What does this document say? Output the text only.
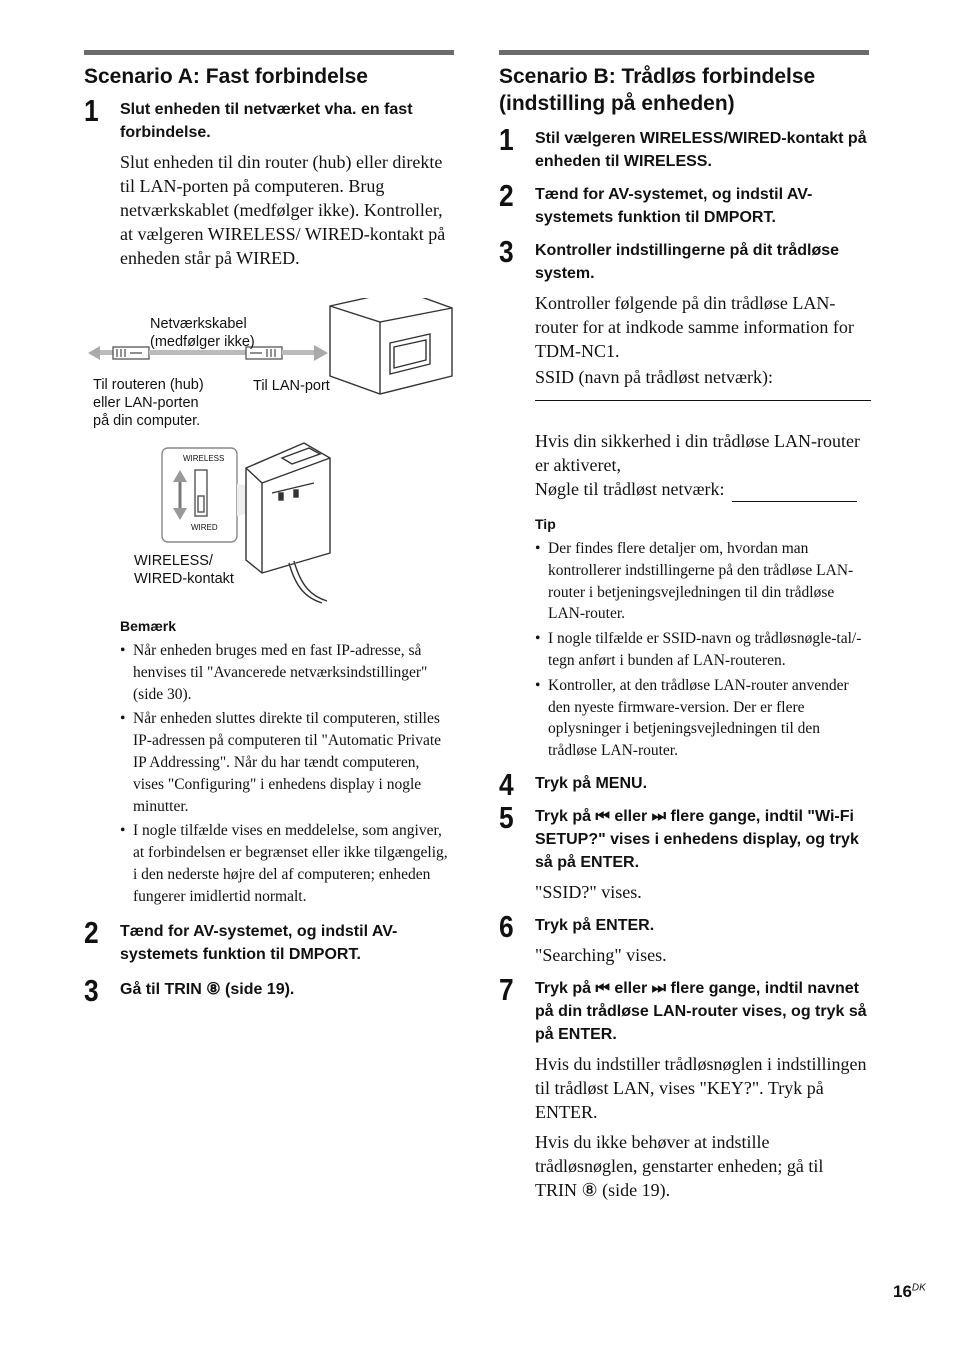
Scenario A: Fast forbindelse
1 Slut enheden til netværket vha. en fast forbindelse.
Slut enheden til din router (hub) eller direkte til LAN-porten på computeren. Brug netværkskablet (medfølger ikke). Kontroller, at vælgeren WIRELESS/ WIRED-kontakt på enheden står på WIRED.
Netværkskabel
(medfølger ikke)
Til routeren (hub)
eller LAN-porten
på din computer.
Til LAN-port
WIRELESS
WIRED
WIRELESS/
WIRED-kontakt
Bemærk
• Når enheden bruges med en fast IP-adresse, så henvises til "Avancerede netværksindstillinger" (side 30).
• Når enheden sluttes direkte til computeren, stilles IP-adressen på computeren til "Automatic Private IP Addressing". Når du har tændt computeren, vises "Configuring" i enhedens display i nogle minutter.
• I nogle tilfælde vises en meddelelse, som angiver, at forbindelsen er begrænset eller ikke tilgængelig, i den nederste højre del af computeren; enheden fungerer imidlertid normalt.
2 Tænd for AV-systemet, og indstil AV-systemets funktion til DMPORT.
3 Gå til TRIN ⑧ (side 19).
Scenario B: Trådløs forbindelse (indstilling på enheden)
1 Stil vælgeren WIRELESS/WIRED-kontakt på enheden til WIRELESS.
2 Tænd for AV-systemet, og indstil AV-systemets funktion til DMPORT.
3 Kontroller indstillingerne på dit trådløse system.
Kontroller følgende på din trådløse LAN-router for at indkode samme information for TDM-NC1.
SSID (navn på trådløst netværk):
Hvis din sikkerhed i din trådløse LAN-router er aktiveret,
Nøgle til trådløst netværk:
Tip
• Der findes flere detaljer om, hvordan man kontrollerer indstillingerne på den trådløse LAN-router i betjeningsvejledningen til din trådløse LAN-router.
• I nogle tilfælde er SSID-navn og trådløsnøgle-tal/-tegn anført i bunden af LAN-routeren.
• Kontroller, at den trådløse LAN-router anvender den nyeste firmware-version. Der er flere oplysninger i betjeningsvejledningen til den trådløse LAN-router.
4 Tryk på MENU.
5 Tryk på ⏮ eller ⏭ flere gange, indtil "Wi-Fi SETUP?" vises i enhedens display, og tryk så på ENTER.
"SSID?" vises.
6 Tryk på ENTER.
"Searching" vises.
7 Tryk på ⏮ eller ⏭ flere gange, indtil navnet på din trådløse LAN-router vises, og tryk så på ENTER.
Hvis du indstiller trådløsnøglen i indstillingen til trådløst LAN, vises "KEY?". Tryk på ENTER.
Hvis du ikke behøver at indstille trådløsnøglen, genstarter enheden; gå til TRIN ⑧ (side 19).
$16^{DK}$
